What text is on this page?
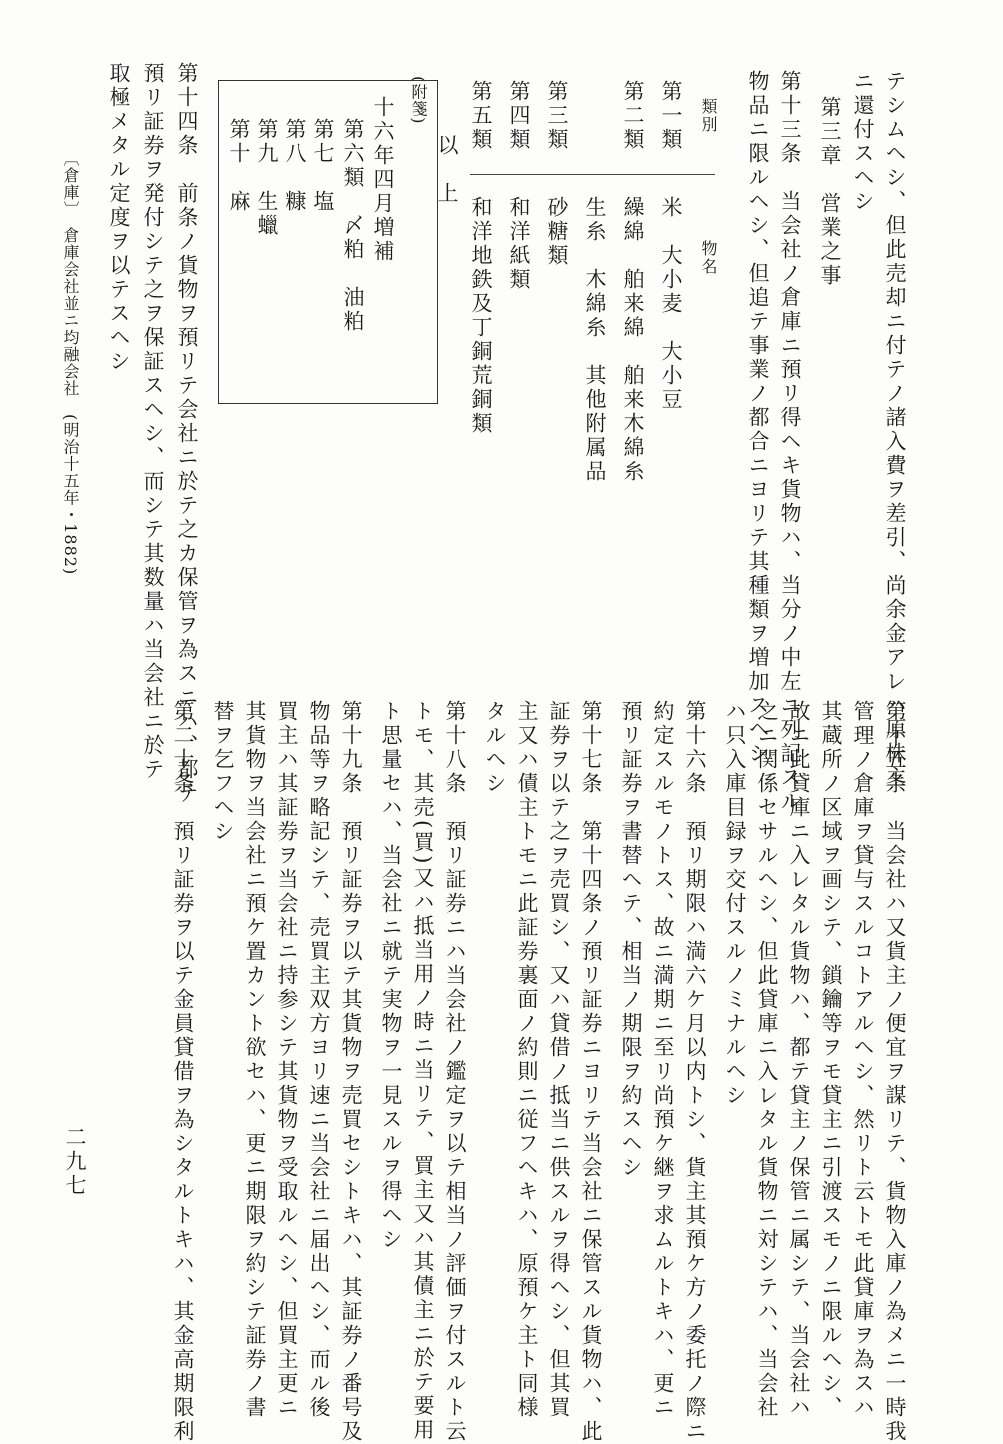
テシムヘシ、但此売却ニ付テノ諸入費ヲ差引、尚余金アレハ原株主
ニ還付スヘシ
第三章　営業之事
第十三条　当会社ノ倉庫ニ預リ得ヘキ貨物ハ、当分ノ中左ニ列記スル
物品ニ限ルヘシ、但追テ事業ノ都合ニヨリテ其種類ヲ増加スヘシ
類別
物名
第一類
米　大小麦　大小豆
第二類
繰綿　舶来綿　舶来木綿糸
生糸　木綿糸　其他附属品
第三類
砂糖類
第四類
和洋紙類
第五類
和洋地鉄及丁銅荒銅類
以　上
(附箋)
十六年四月増補
第六類　〆粕　油粕
第七　塩
第八　糠
第九　生蠟
第十　麻
第十四条　前条ノ貨物ヲ預リテ会社ニ於テ之カ保管ヲ為スニハ、都テ
預リ証券ヲ発付シテ之ヲ保証スヘシ、而シテ其数量ハ当会社ニ於テ
取極メタル定度ヲ以テスヘシ
〔倉庫〕　倉庫会社並ニ均融会社　(明治十五年・1882)
第十五条　当会社ハ又貨主ノ便宜ヲ謀リテ、貨物入庫ノ為メニ一時我
管理ノ倉庫ヲ貸与スルコトアルヘシ、然リト云トモ此貸庫ヲ為スハ
其蔵所ノ区域ヲ画シテ、鎖鑰等ヲモ貸主ニ引渡スモノニ限ルヘシ、
故ニ此貸庫ニ入レタル貨物ハ、都テ貸主ノ保管ニ属シテ、当会社ハ
之ニ関係セサルヘシ、但此貸庫ニ入レタル貨物ニ対シテハ、当会社
ハ只入庫目録ヲ交付スルノミナルヘシ
第十六条　預リ期限ハ満六ケ月以内トシ、貨主其預ケ方ノ委托ノ際ニ
約定スルモノトス、故ニ満期ニ至リ尚預ケ継ヲ求ムルトキハ、更ニ
預リ証券ヲ書替ヘテ、相当ノ期限ヲ約スヘシ
第十七条　第十四条ノ預リ証券ニヨリテ当会社ニ保管スル貨物ハ、此
証券ヲ以テ之ヲ売買シ、又ハ貸借ノ抵当ニ供スルヲ得ヘシ、但其買
主又ハ債主トモニ此証券裏面ノ約則ニ従フヘキハ、原預ケ主ト同様
タルヘシ
第十八条　預リ証券ニハ当会社ノ鑑定ヲ以テ相当ノ評価ヲ付スルト云
トモ、其売(買)又ハ抵当用ノ時ニ当リテ、買主又ハ其債主ニ於テ要用
ト思量セハ、当会社ニ就テ実物ヲ一見スルヲ得ヘシ
第十九条　預リ証券ヲ以テ其貨物ヲ売買セシトキハ、其証券ノ番号及
物品等ヲ略記シテ、売買主双方ヨリ速ニ当会社ニ届出ヘシ、而ル後
買主ハ其証券ヲ当会社ニ持参シテ其貨物ヲ受取ルヘシ、但買主更ニ
其貨物ヲ当会社ニ預ケ置カント欲セハ、更ニ期限ヲ約シテ証券ノ書
替ヲ乞フヘシ
第二十条　預リ証券ヲ以テ金員貸借ヲ為シタルトキハ、其金高期限利
二九七
